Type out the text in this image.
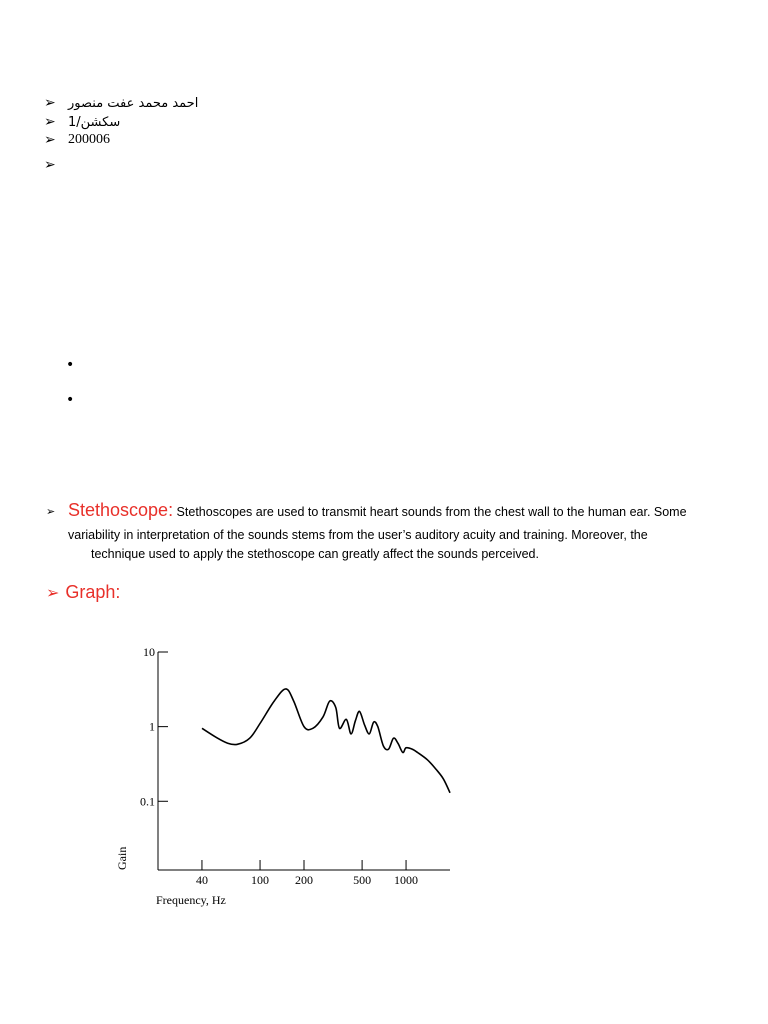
➢ احمد محمد عفت منصور
➢ سكشن/1
➢ 200006
➢
•
•
➢ Stethoscope: Stethoscopes are used to transmit heart sounds from the chest wall to the human ear. Some
variability in interpretation of the sounds stems from the user’s auditory acuity and training. Moreover, the
technique used to apply the stethoscope can greatly affect the sounds perceived.
➢ Graph:
10
1
0.1
40	100 200	500 1000
Frequency, Hz
Gain
